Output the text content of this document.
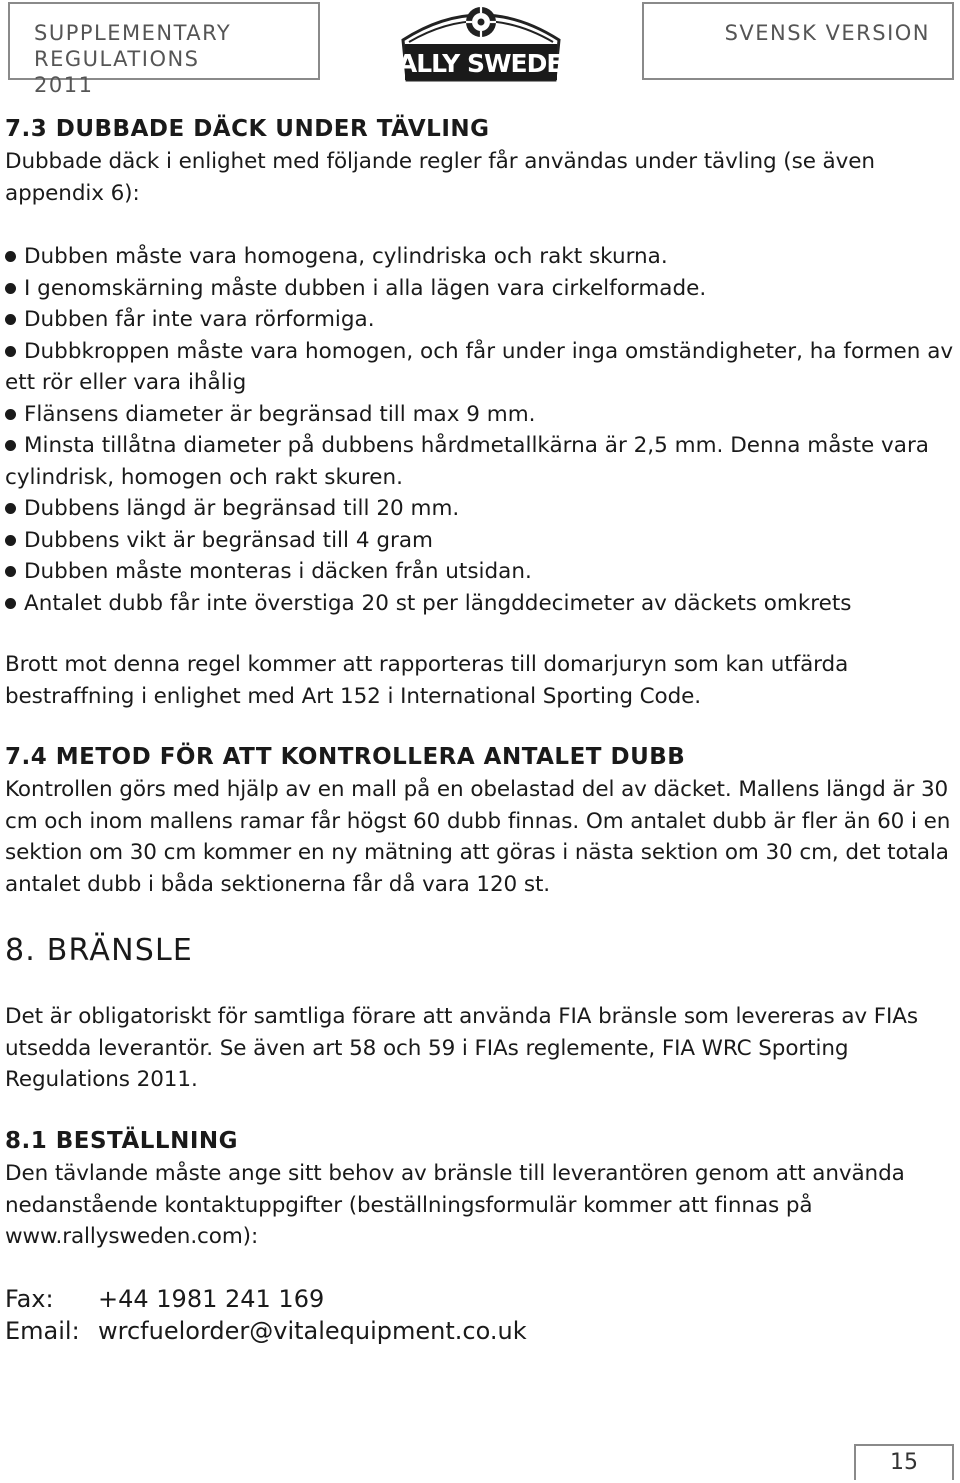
SUPPLEMENTARY REGULATIONS
2011
SVENSK VERSION
RALLY SWEDEN
7.3 DUBBADE DÄCK UNDER TÄVLING

Dubbade däck i enlighet med följande regler får användas under tävling (se även appendix 6):

Dubben måste vara homogena, cylindriska och rakt skurna.
I genomskärning måste dubben i alla lägen vara cirkelformade.
Dubben får inte vara rörformiga.
Dubbkroppen måste vara homogen, och får under inga omständigheter, ha formen av ett rör eller vara ihålig
Flänsens diameter är begränsad till max 9 mm.
Minsta tillåtna diameter på dubbens hårdmetallkärna är 2,5 mm. Denna måste vara cylindrisk, homogen och rakt skuren.
Dubbens längd är begränsad till 20 mm.
Dubbens vikt är begränsad till 4 gram
Dubben måste monteras i däcken från utsidan.
Antalet dubb får inte överstiga 20 st per längddecimeter av däckets omkrets

Brott mot denna regel kommer att rapporteras till domarjuryn som kan utfärda bestraffning i enlighet med Art 152 i International Sporting Code.

7.4 METOD FÖR ATT KONTROLLERA ANTALET DUBB

Kontrollen görs med hjälp av en mall på en obelastad del av däcket. Mallens längd är 30 cm och inom mallens ramar får högst 60 dubb finnas. Om antalet dubb är fler än 60 i en sektion om 30 cm kommer en ny mätning att göras i nästa sektion om 30 cm, det totala antalet dubb i båda sektionerna får då vara 120 st.

8. BRÄNSLE

Det är obligatoriskt för samtliga förare att använda FIA bränsle som levereras av FIAs utsedda leverantör. Se även art 58 och 59 i FIAs reglemente, FIA WRC Sporting Regulations 2011.

8.1 BESTÄLLNING

Den tävlande måste ange sitt behov av bränsle till leverantören genom att använda nedanstående kontaktuppgifter (beställningsformulär kommer att finnas på www.rallysweden.com):

Fax: +44 1981 241 169
Email: wrcfuelorder@vitalequipment.co.uk
15
